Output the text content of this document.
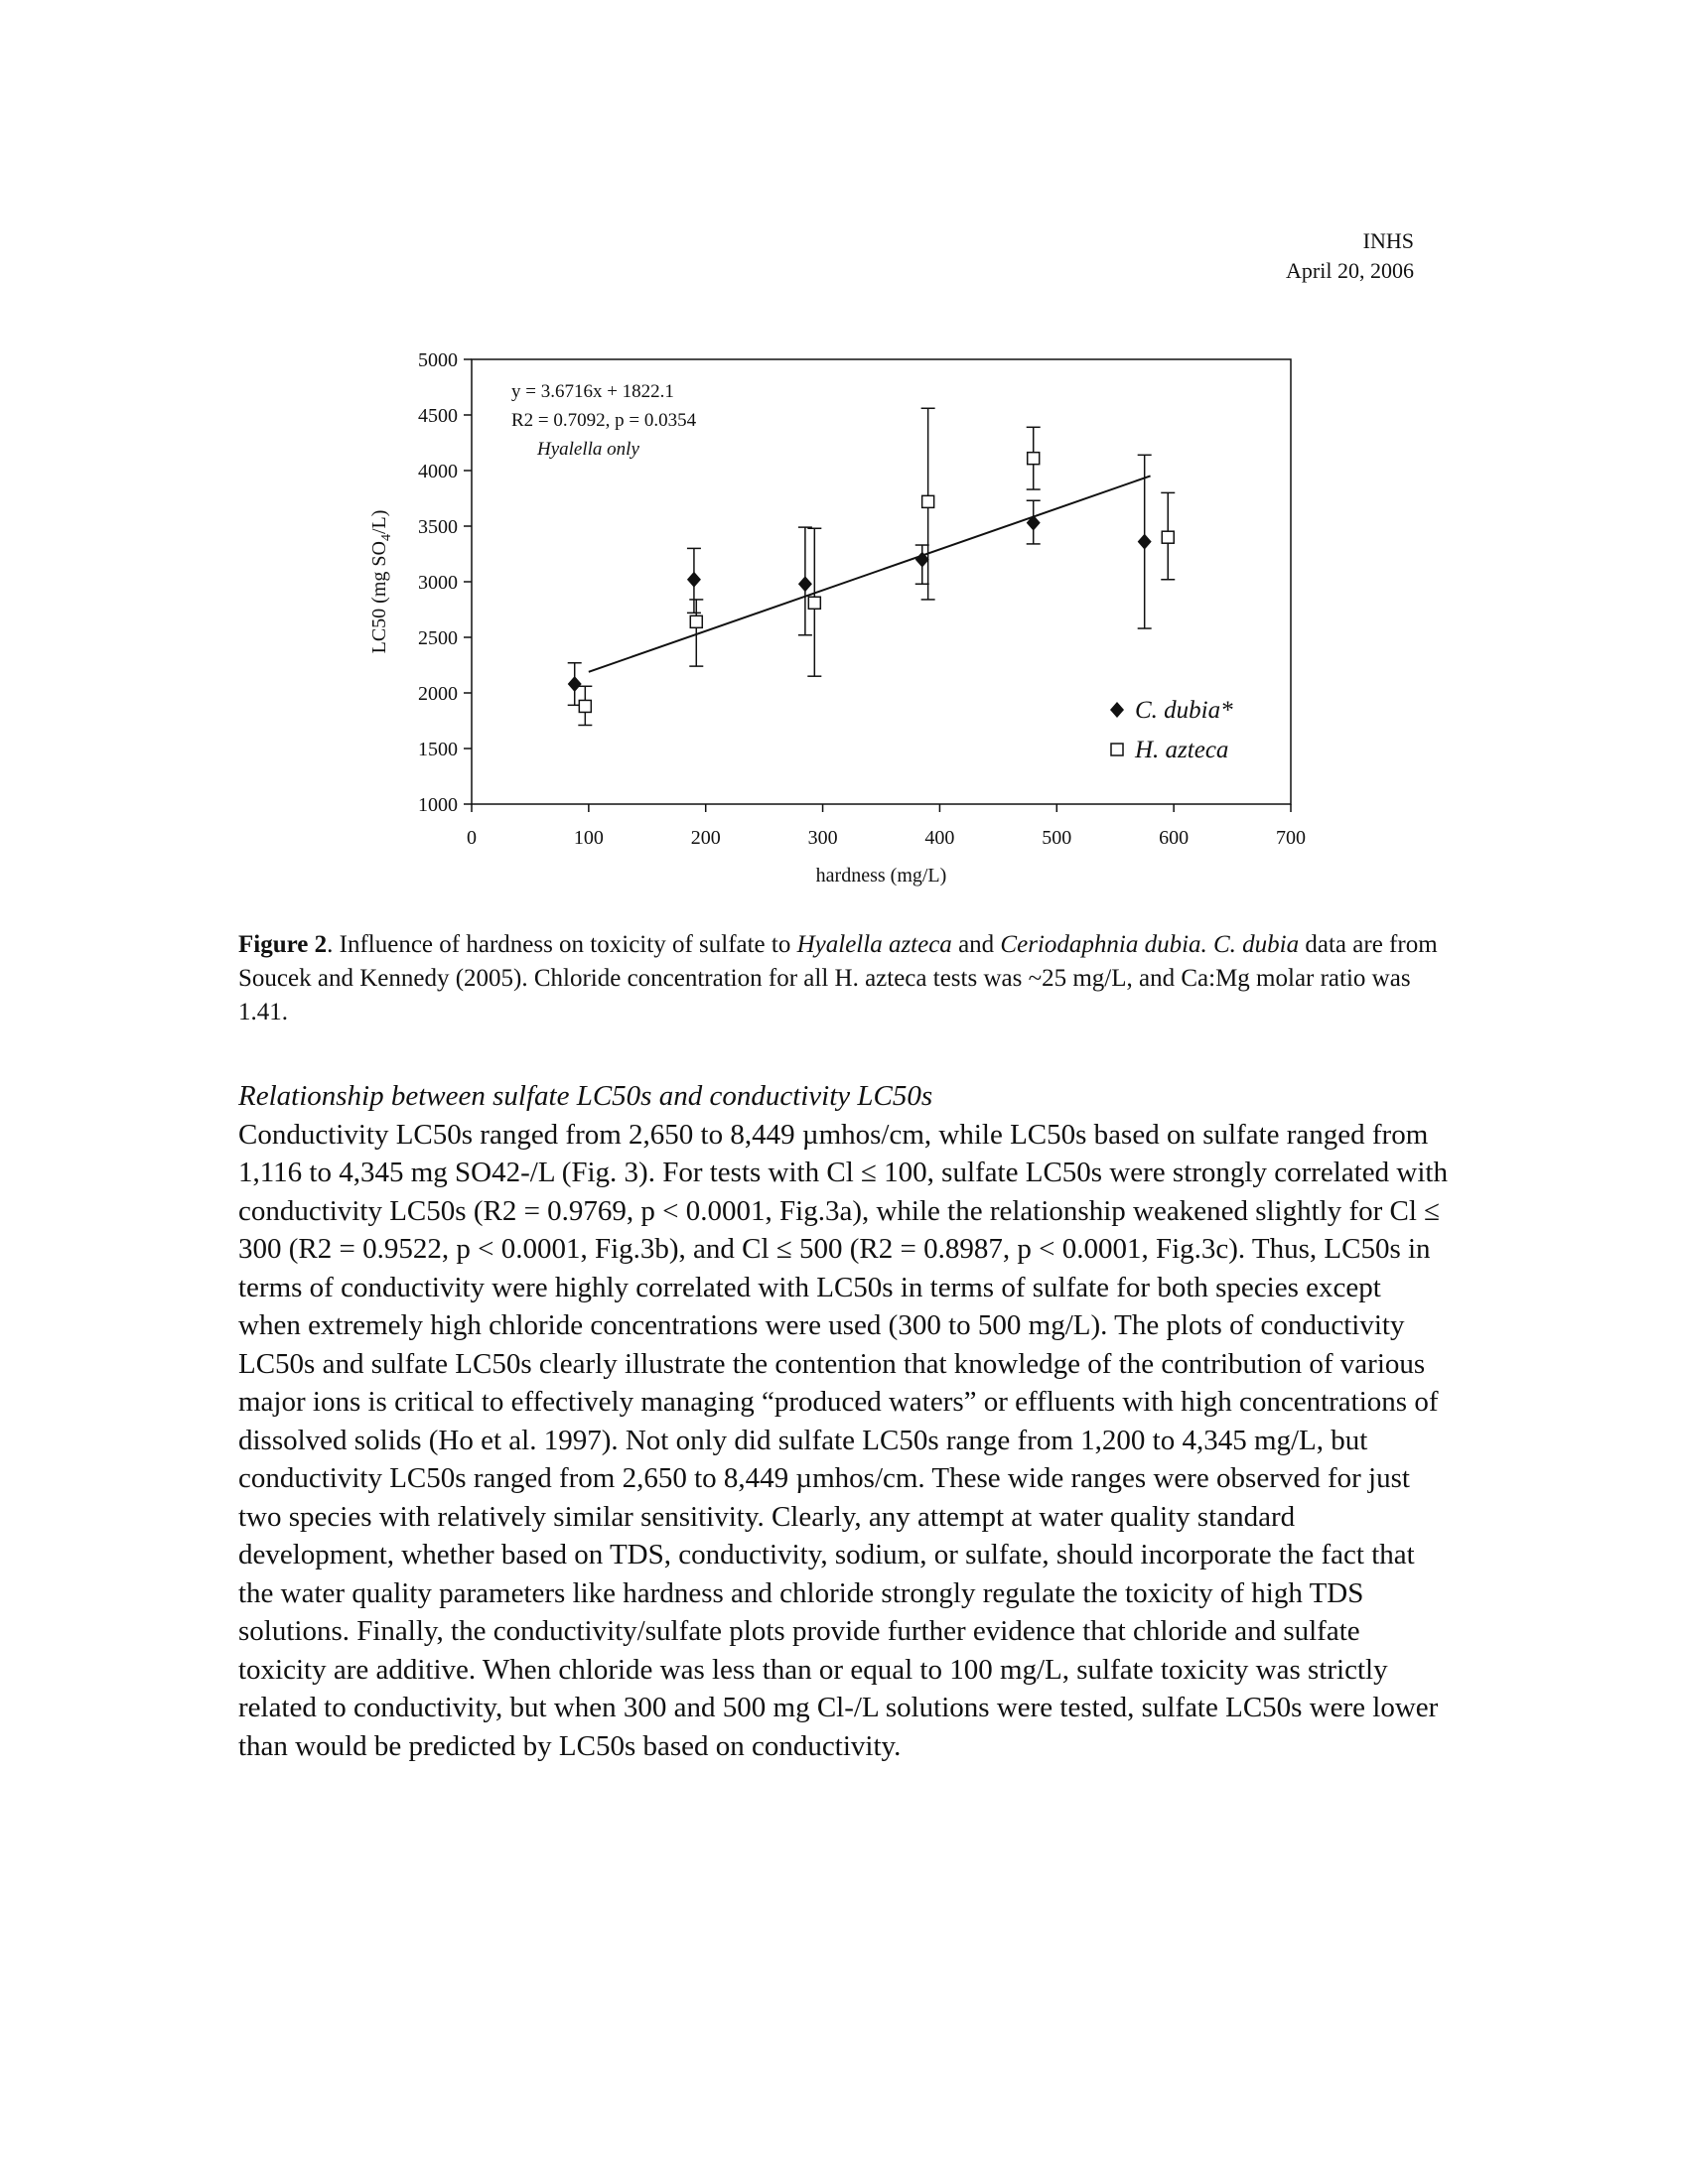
INHS
April 20, 2006
1000
1500
2000
2500
3000
3500
4000
4500
5000
0	100	200	300	400	500	600	700
hardness (mg/L)
LC50 (mg $SO_4/L$)
y = 3.6716x + 1822.1
R2 = 0.7092, p = 0.0354
Hyalella only
C. dubia*
H. azteca
Figure 2. Influence of hardness on toxicity of sulfate to Hyalella azteca and Ceriodaphnia dubia. C. dubia data are from Soucek and Kennedy (2005). Chloride concentration for all H. azteca tests was ~25 mg/L, and Ca:Mg molar ratio was 1.41.

Relationship between sulfate LC50s and conductivity LC50s

Conductivity LC50s ranged from 2,650 to 8,449 µmhos/cm, while LC50s based on sulfate ranged from 1,116 to 4,345 mg SO42-/L (Fig. 3). For tests with Cl ≤ 100, sulfate LC50s were strongly correlated with conductivity LC50s (R2 = 0.9769, p < 0.0001, Fig.3a), while the relationship weakened slightly for Cl ≤ 300 (R2 = 0.9522, p < 0.0001, Fig.3b), and Cl ≤ 500 (R2 = 0.8987, p < 0.0001, Fig.3c). Thus, LC50s in terms of conductivity were highly correlated with LC50s in terms of sulfate for both species except when extremely high chloride concentrations were used (300 to 500 mg/L). The plots of conductivity LC50s and sulfate LC50s clearly illustrate the contention that knowledge of the contribution of various major ions is critical to effectively managing “produced waters” or effluents with high concentrations of dissolved solids (Ho et al. 1997). Not only did sulfate LC50s range from 1,200 to 4,345 mg/L, but conductivity LC50s ranged from 2,650 to 8,449 µmhos/cm. These wide ranges were observed for just two species with relatively similar sensitivity. Clearly, any attempt at water quality standard development, whether based on TDS, conductivity, sodium, or sulfate, should incorporate the fact that the water quality parameters like hardness and chloride strongly regulate the toxicity of high TDS solutions. Finally, the conductivity/sulfate plots provide further evidence that chloride and sulfate toxicity are additive. When chloride was less than or equal to 100 mg/L, sulfate toxicity was strictly related to conductivity, but when 300 and 500 mg Cl-/L solutions were tested, sulfate LC50s were lower than would be predicted by LC50s based on conductivity.
